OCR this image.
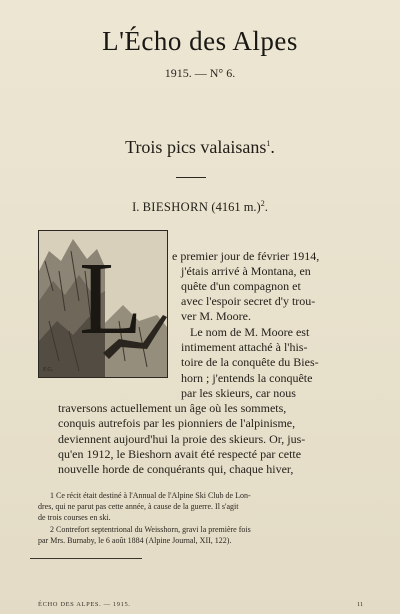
L'Écho des Alpes
1915. — N° 6.
Trois pics valaisans$^1$.
I. BIESHORN (4161 m.)$^2$.
L
F.G.
e premier jour de février 1914,
j'étais arrivé à Montana, en
quête d'un compagnon et
avec l'espoir secret d'y trou-
ver M. Moore.
Le nom de M. Moore est
intimement attaché à l'his-
toire de la conquête du Bies-
horn ; j'entends la conquête
par les skieurs, car nous
traversons actuellement un âge où les sommets,
conquis autrefois par les pionniers de l'alpinisme,
deviennent aujourd'hui la proie des skieurs. Or, jus-
qu'en 1912, le Bieshorn avait été respecté par cette
nouvelle horde de conquérants qui, chaque hiver,
1 Ce récit était destiné à l'Annual de l'Alpine Ski Club de Lon-
dres, qui ne parut pas cette année, à cause de la guerre. Il s'agit
de trois courses en ski.
2 Contrefort septentrional du Weisshorn, gravi la première fois
par Mrs. Burnaby, le 6 août 1884 (Alpine Journal, XII, 122).
ÉCHO DES ALPES. — 1915.	11
